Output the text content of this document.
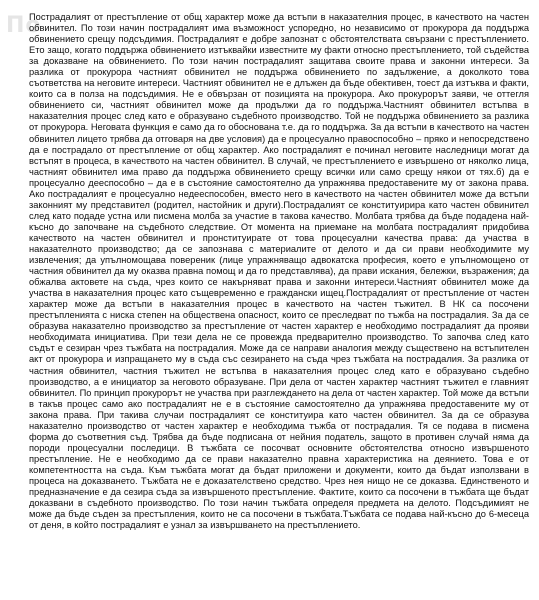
Пo

Пострадалият от престъпление от общ характер може да встъпи в наказателния процес, в качеството на частен обвинител. По този начин пострадалият има възможност успоредно, но независимо от прокурора да поддържа обвинението срещу подсъдимия. Пострадалият е добре запознат с обстоятелствата свързани с престъплението. Ето защо, когато поддържа обвинението изтъквайки известните му факти относно престъплението, той съдейства за доказване на обвинението. По този начин пострадалият защитава своите права и законни интереси. За разлика от прокурора частният обвинител не поддържа обвинението по задължение, а доколкото това съответства на неговите интереси. Частният обвинител не е длъжен да бъде обективен, тоест да изтъква и факти, които са в полза на подсъдимия. Не е обвързан от позицията на прокурора. Ако прокурорът заяви, че оттегля обвинението си, частният обвинител може да продължи да го поддържа.Частният обвинител встъпва в наказателния процес след като е образувано съдебното производство. Той не поддържа обвинението за разлика от прокурора. Неговата функция е само да го обоснована т.е. да го поддържа. За да встъпи в качеството на частен обвинител лицето трябва да отговаря на две условия) да е процесуално правоспособно – пряко и непосредствено да е пострадало от престъпление от общ характер. Ако пострадалият е починал неговите наследници могат да встъпят в процеса, в качеството на частен обвинител. В случай, че престъплението е извършено от няколко лица, частният обвинител има право да поддържа обвинението срещу всички или само срещу някои от тях.б) да е процесуално дееспособно – да е в състояние самостоятелно да упражнява предоставените му от закона права. Ако пострадалият е процесуално недееспособен, вместо него в качеството на частен обвинител може да встъпи законният му представител (родител, настойник и други).Пострадалият се конституирира като частен обвинител след като подаде устна или писмена молба за участие в такова качество. Молбата трябва да бъде подадена най-късно до започване на съдебното следствие. От момента на приемане на молбата пострадалият придобива качеството на частен обвинител и пронституирате от това процесуални качества права: да участва в наказателното производство; да се запознава с материалите от делото и да си прави необходимите му извлечения; да упълномощава повереник (лице упражняващо адвокатска професия, което е упълномощено от частния обвинител да му оказва правна помощ и да го представлява), да прави искания, бележки, възражения; да обжалва актовете на съда, чрез които се накърняват права и законни интереси.Частният обвинител може да участва в наказателния процес като същевременно е граждански ищец.Пострадалият от престъпление от частен характер може да встъпи в наказателния процес в качеството на частен тъжител. В НК са посочени престъпленията с ниска степен на обществена опасност, които се преследват по тъжба на пострадалия. За да се образува наказателно производство за престъпление от частен характер е необходимо пострадалият да прояви необходимата инициатива. При тези дела не се провежда предварително производство. То започва след като съдът е сезиран чрез тъжбата на пострадалия. Може да се направи аналогия между съществено на встъпителен акт от прокурора и изпращането му в съда със сезирането на съда чрез тъжбата на пострадалия. За разлика от частния обвинител, частния тъжител не встъпва в наказателния процес след като е образувано съдебно производство, а е инициатор за неговото образуване. При дела от частен характер частният тъжител е главният обвинител. По принцип прокурорът не участва при разглеждането на дела от частен характер. Той може да встъпи в такъв процес само ако пострадалият не е в състояние самостоятелно да упражнява предоставените му от закона права. При такива случаи пострадалият се конституира като частен обвинител. За да се образува наказателно производство от частен характер е необходима тъжба от пострадалия. Тя се подава в писмена форма до съответния съд. Трябва да бъде подписана от нейния податель, защото в противен случай няма да породи процесуални последици. В тъжбата се посочват основните обстоятелства относно извършеното престъпление. Не е необходимо да се прави наказателно правна характеристика на деянието. Това е от компетентността на съда. Към тъжбата могат да бъдат приложени и документи, които да бъдат използвани в процеса на доказването. Тъжбата не е доказателствено средство. Чрез нея нищо не се доказва. Единственото и предназначение е да сезира съда за извършеното престъпление. Фактите, които са посочени в тъжбата ще бъдат доказвани в съдебното производство. По този начин тъжбата определя предмета на делото. Подсъдимият не може да бъде съден за престъпления, които не са посочени в тъжбата.Тъжбата се подава най-късно до 6-месеца от деня, в който пострадалият е узнал за извършването на престъплението.
